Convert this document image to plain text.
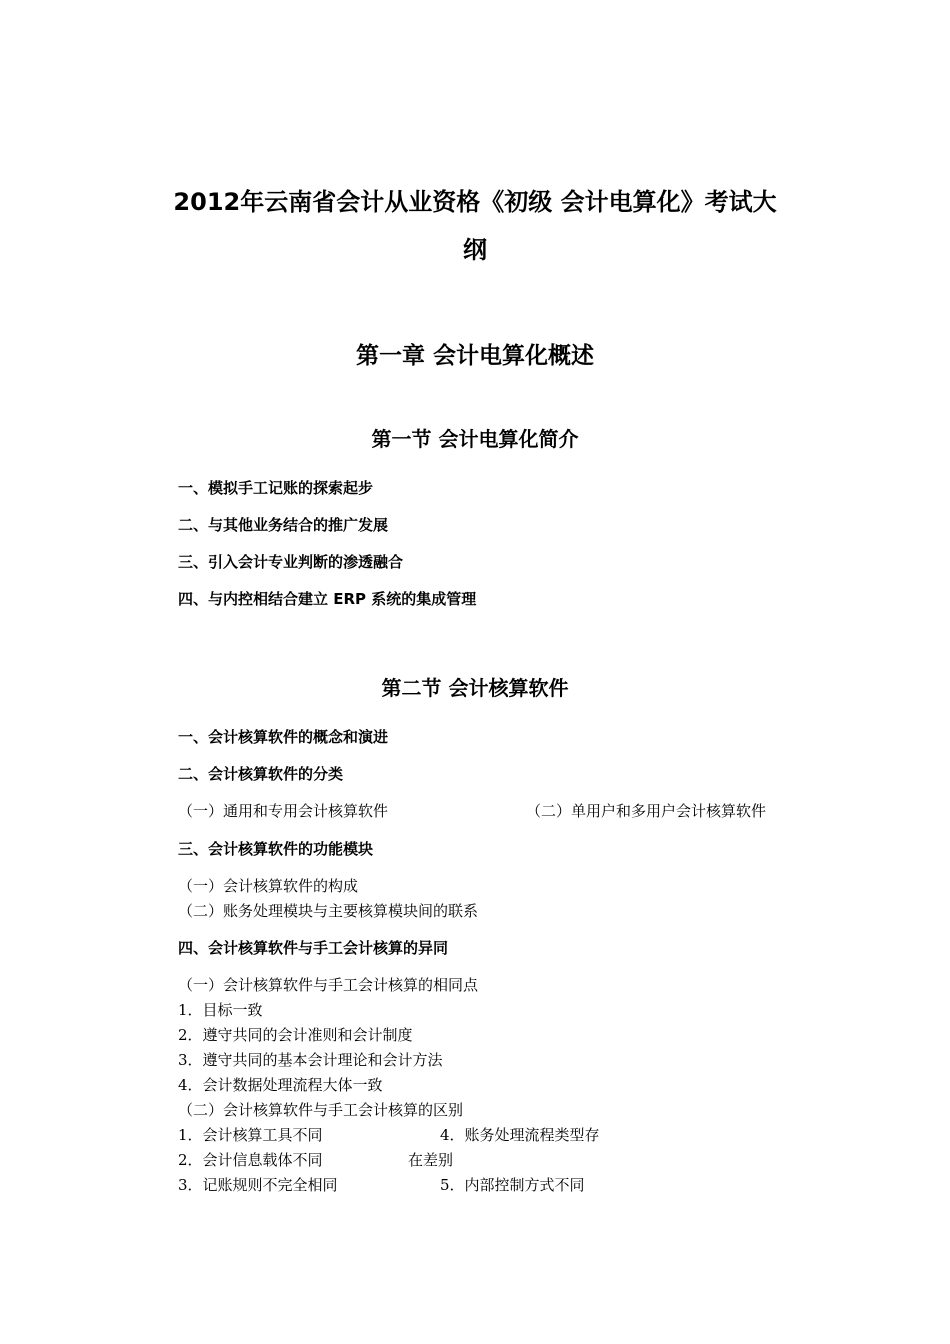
2012年云南省会计从业资格《初级 会计电算化》考试大
纲
第一章 会计电算化概述
第一节 会计电算化简介
一、模拟手工记账的探索起步
二、与其他业务结合的推广发展
三、引入会计专业判断的渗透融合
四、与内控相结合建立 ERP 系统的集成管理
第二节 会计核算软件
一、会计核算软件的概念和演进
二、会计核算软件的分类
（一）通用和专用会计核算软件	（二）单用户和多用户会计核算软件
三、会计核算软件的功能模块
（一）会计核算软件的构成
（二）账务处理模块与主要核算模块间的联系
四、会计核算软件与手工会计核算的异同
（一）会计核算软件与手工会计核算的相同点
1．目标一致
2．遵守共同的会计准则和会计制度
3．遵守共同的基本会计理论和会计方法
4．会计数据处理流程大体一致
（二）会计核算软件与手工会计核算的区别
1．会计核算工具不同
2．会计信息载体不同
3．记账规则不完全相同
4．账务处理流程类型存
在差别
5．内部控制方式不同
